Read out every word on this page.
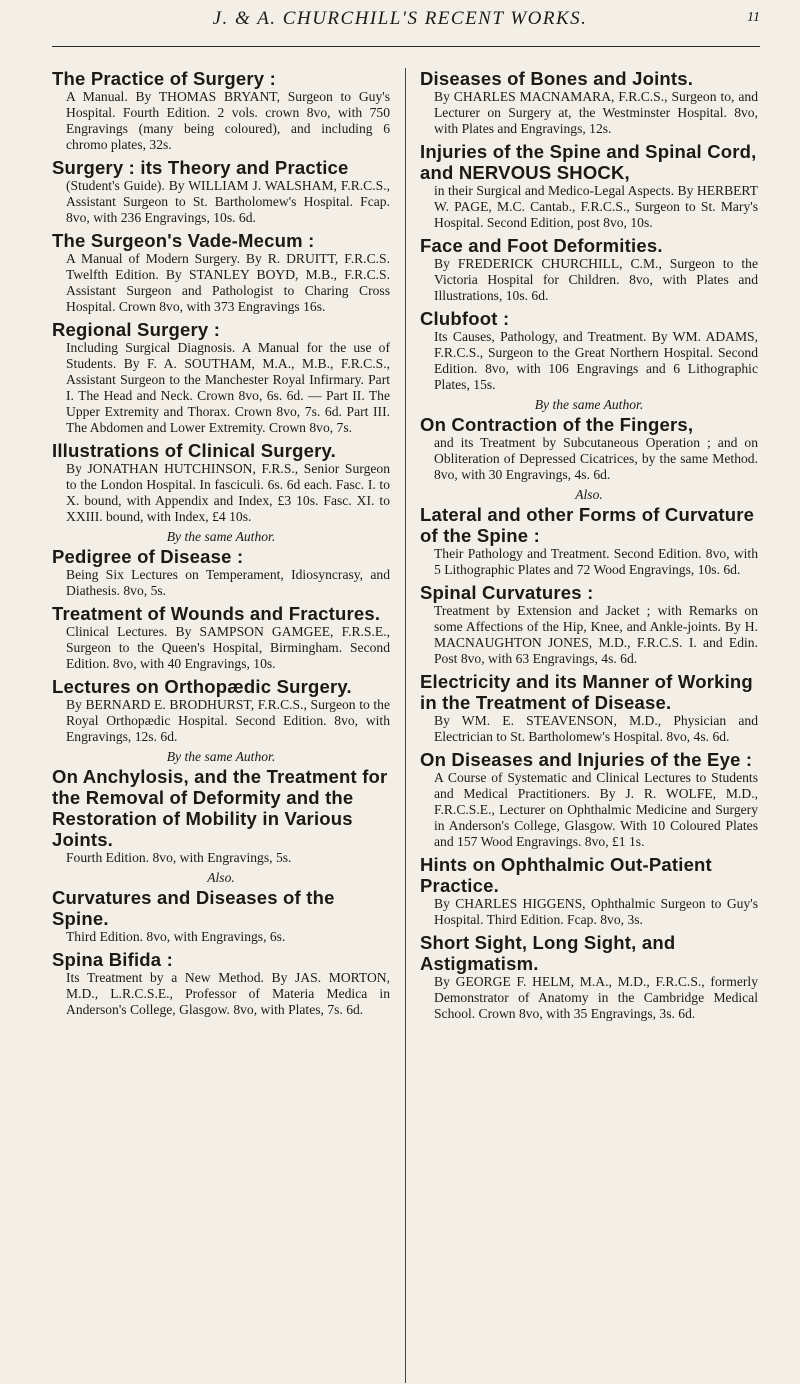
J. & A. CHURCHILL'S RECENT WORKS.	11
The Practice of Surgery :
A Manual. By THOMAS BRYANT, Surgeon to Guy's Hospital. Fourth Edition. 2 vols. crown 8vo, with 750 Engravings (many being coloured), and including 6 chromo plates, 32s.
Surgery : its Theory and Practice
(Student's Guide). By WILLIAM J. WALSHAM, F.R.C.S., Assistant Surgeon to St. Bartholomew's Hospital. Fcap. 8vo, with 236 Engravings, 10s. 6d.
The Surgeon's Vade-Mecum :
A Manual of Modern Surgery. By R. DRUITT, F.R.C.S. Twelfth Edition. By STANLEY BOYD, M.B., F.R.C.S. Assistant Surgeon and Pathologist to Charing Cross Hospital. Crown 8vo, with 373 Engravings 16s.
Regional Surgery :
Including Surgical Diagnosis. A Manual for the use of Students. By F. A. SOUTHAM, M.A., M.B., F.R.C.S., Assistant Surgeon to the Manchester Royal Infirmary. Part I. The Head and Neck. Crown 8vo, 6s. 6d. — Part II. The Upper Extremity and Thorax. Crown 8vo, 7s. 6d. Part III. The Abdomen and Lower Extremity. Crown 8vo, 7s.
Illustrations of Clinical Surgery.
By JONATHAN HUTCHINSON, F.R.S., Senior Surgeon to the London Hospital. In fasciculi. 6s. 6d each. Fasc. I. to X. bound, with Appendix and Index, £3 10s. Fasc. XI. to XXIII. bound, with Index, £4 10s.
By the same Author.
Pedigree of Disease :
Being Six Lectures on Temperament, Idiosyncrasy, and Diathesis. 8vo, 5s.
Treatment of Wounds and Fractures.
Clinical Lectures. By SAMPSON GAMGEE, F.R.S.E., Surgeon to the Queen's Hospital, Birmingham. Second Edition. 8vo, with 40 Engravings, 10s.
Lectures on Orthopædic Surgery.
By BERNARD E. BRODHURST, F.R.C.S., Surgeon to the Royal Orthopædic Hospital. Second Edition. 8vo, with Engravings, 12s. 6d.
By the same Author.
On Anchylosis, and the Treatment for the Removal of Deformity and the Restoration of Mobility in Various Joints.
Fourth Edition. 8vo, with Engravings, 5s.
Also.
Curvatures and Diseases of the Spine.
Third Edition. 8vo, with Engravings, 6s.
Spina Bifida :
Its Treatment by a New Method. By JAS. MORTON, M.D., L.R.C.S.E., Professor of Materia Medica in Anderson's College, Glasgow. 8vo, with Plates, 7s. 6d.
Diseases of Bones and Joints.
By CHARLES MACNAMARA, F.R.C.S., Surgeon to, and Lecturer on Surgery at, the Westminster Hospital. 8vo, with Plates and Engravings, 12s.
Injuries of the Spine and Spinal Cord, and NERVOUS SHOCK,
in their Surgical and Medico-Legal Aspects. By HERBERT W. PAGE, M.C. Cantab., F.R.C.S., Surgeon to St. Mary's Hospital. Second Edition, post 8vo, 10s.
Face and Foot Deformities.
By FREDERICK CHURCHILL, C.M., Surgeon to the Victoria Hospital for Children. 8vo, with Plates and Illustrations, 10s. 6d.
Clubfoot :
Its Causes, Pathology, and Treatment. By WM. ADAMS, F.R.C.S., Surgeon to the Great Northern Hospital. Second Edition. 8vo, with 106 Engravings and 6 Lithographic Plates, 15s.
By the same Author.
On Contraction of the Fingers,
and its Treatment by Subcutaneous Operation ; and on Obliteration of Depressed Cicatrices, by the same Method. 8vo, with 30 Engravings, 4s. 6d.
Also.
Lateral and other Forms of Curvature of the Spine :
Their Pathology and Treatment. Second Edition. 8vo, with 5 Lithographic Plates and 72 Wood Engravings, 10s. 6d.
Spinal Curvatures :
Treatment by Extension and Jacket ; with Remarks on some Affections of the Hip, Knee, and Ankle-joints. By H. MACNAUGHTON JONES, M.D., F.R.C.S. I. and Edin. Post 8vo, with 63 Engravings, 4s. 6d.
Electricity and its Manner of Working in the Treatment of Disease.
By WM. E. STEAVENSON, M.D., Physician and Electrician to St. Bartholomew's Hospital. 8vo, 4s. 6d.
On Diseases and Injuries of the Eye :
A Course of Systematic and Clinical Lectures to Students and Medical Practitioners. By J. R. WOLFE, M.D., F.R.C.S.E., Lecturer on Ophthalmic Medicine and Surgery in Anderson's College, Glasgow. With 10 Coloured Plates and 157 Wood Engravings. 8vo, £1 1s.
Hints on Ophthalmic Out-Patient Practice.
By CHARLES HIGGENS, Ophthalmic Surgeon to Guy's Hospital. Third Edition. Fcap. 8vo, 3s.
Short Sight, Long Sight, and Astigmatism.
By GEORGE F. HELM, M.A., M.D., F.R.C.S., formerly Demonstrator of Anatomy in the Cambridge Medical School. Crown 8vo, with 35 Engravings, 3s. 6d.
